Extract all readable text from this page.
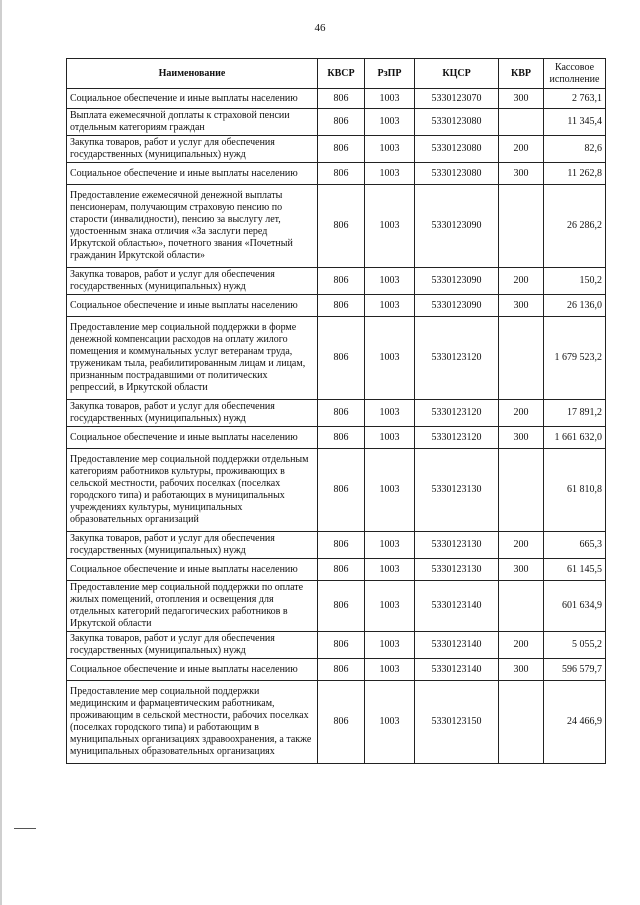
46
Наименование	КВСР	РзПР	КЦСР	КВР	Кассовое исполнение
Социальное обеспечение и иные выплаты населению	806	1003	5330123070	300	2 763,1
Выплата ежемесячной доплаты к страховой пенсии отдельным категориям граждан	806	1003	5330123080		11 345,4
Закупка товаров, работ и услуг для обеспечения государственных (муниципальных) нужд	806	1003	5330123080	200	82,6
Социальное обеспечение и иные выплаты населению	806	1003	5330123080	300	11 262,8
Предоставление ежемесячной денежной выплаты пенсионерам, получающим страховую пенсию по старости (инвалидности), пенсию за выслугу лет, удостоенным знака отличия «За заслуги перед Иркутской областью», почетного звания «Почетный гражданин Иркутской области»	806	1003	5330123090		26 286,2
Закупка товаров, работ и услуг для обеспечения государственных (муниципальных) нужд	806	1003	5330123090	200	150,2
Социальное обеспечение и иные выплаты населению	806	1003	5330123090	300	26 136,0
Предоставление мер социальной поддержки в форме денежной компенсации расходов на оплату жилого помещения и коммунальных услуг ветеранам труда, труженикам тыла, реабилитированным лицам и лицам, признанным пострадавшими от политических репрессий, в Иркутской области	806	1003	5330123120		1 679 523,2
Закупка товаров, работ и услуг для обеспечения государственных (муниципальных) нужд	806	1003	5330123120	200	17 891,2
Социальное обеспечение и иные выплаты населению	806	1003	5330123120	300	1 661 632,0
Предоставление мер социальной поддержки отдельным категориям работников культуры, проживающих в сельской местности, рабочих поселках (поселках городского типа) и работающих в муниципальных учреждениях культуры, муниципальных образовательных организаций	806	1003	5330123130		61 810,8
Закупка товаров, работ и услуг для обеспечения государственных (муниципальных) нужд	806	1003	5330123130	200	665,3
Социальное обеспечение и иные выплаты населению	806	1003	5330123130	300	61 145,5
Предоставление мер социальной поддержки по оплате жилых помещений, отопления и освещения для отдельных категорий педагогических работников в Иркутской области	806	1003	5330123140		601 634,9
Закупка товаров, работ и услуг для обеспечения государственных (муниципальных) нужд	806	1003	5330123140	200	5 055,2
Социальное обеспечение и иные выплаты населению	806	1003	5330123140	300	596 579,7
Предоставление мер социальной поддержки медицинским и фармацевтическим работникам, проживающим в сельской местности, рабочих поселках (поселках городского типа) и работающим в муниципальных организациях здравоохранения, а также муниципальных образовательных организациях	806	1003	5330123150		24 466,9
